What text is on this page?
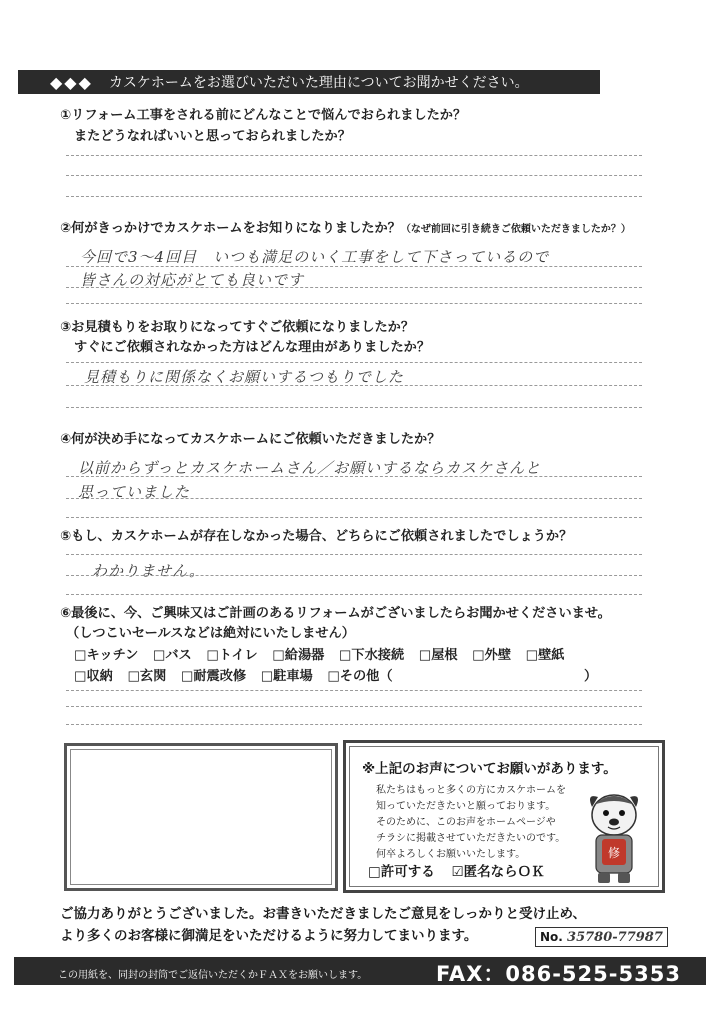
◆◆◆ カスケホームをお選びいただいた理由についてお聞かせください。
①リフォーム工事をされる前にどんなことで悩んでおられましたか？
またどうなればいいと思っておられましたか？
②何がきっかけでカスケホームをお知りになりましたか？（なぜ前回に引き続きご依頼いただきましたか？）
今回で3〜4回目　いつも満足のいく工事をして下さっているので
皆さんの対応がとても良いです
③お見積もりをお取りになってすぐご依頼になりましたか？
すぐにご依頼されなかった方はどんな理由がありましたか？
見積もりに関係なくお願いするつもりでした
④何が決め手になってカスケホームにご依頼いただきましたか？
以前からずっとカスケホームさん／お願いするならカスケさんと
思っていました
⑤もし、カスケホームが存在しなかった場合、どちらにご依頼されましたでしょうか？
わかりません。
⑥最後に、今、ご興味又はご計画のあるリフォームがございましたらお聞かせくださいませ。
（しつこいセールスなどは絶対にいたしません）
□キッチン □バス □トイレ □給湯器 □下水接続 □屋根 □外壁 □壁紙
□収納 □玄関 □耐震改修 □駐車場 □その他（	）
※上記のお声についてお願いがあります。
私たちはもっと多くの方にカスケホームを
知っていただきたいと願っております。
そのために、このお声をホームページや
チラシに掲載させていただきたいのです。
何卒よろしくお願いいたします。
□許可する ☑匿名ならＯＫ
修
ご協力ありがとうございました。お書きいただきましたご意見をしっかりと受け止め、
より多くのお客様に御満足をいただけるように努力してまいります。	No. 35780-77987
この用紙を、同封の封筒でご返信いただくかＦＡＸをお願いします。	FAX：086-525-5353
